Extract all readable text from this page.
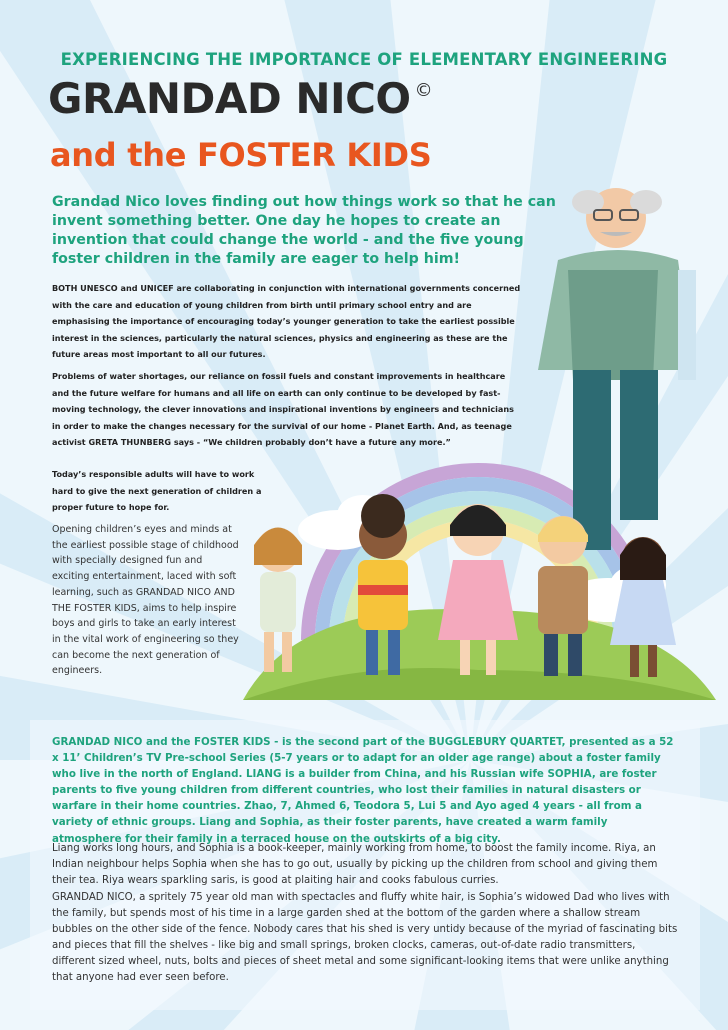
EXPERIENCING THE IMPORTANCE OF ELEMENTARY ENGINEERING
GRANDAD NICO ©
and the FOSTER KIDS
Grandad Nico loves finding out how things work so that he can invent something better. One day he hopes to create an invention that could change the world - and the five young foster children in the family are eager to help him!
BOTH UNESCO and UNICEF are collaborating in conjunction with international governments concerned with the care and education of young children from birth until primary school entry and are emphasising the importance of encouraging today’s younger generation to take the earliest possible interest in the sciences, particularly the natural sciences, physics and engineering as these are the future areas most important to all our futures.
Problems of water shortages, our reliance on fossil fuels and constant improvements in healthcare and the future welfare for humans and all life on earth can only continue to be developed by fast-moving technology, the clever innovations and inspirational inventions by engineers and technicians in order to make the changes necessary for the survival of our home - Planet Earth. And, as teenage activist GRETA THUNBERG says - “We children probably don’t have a future any more.”
Today’s responsible adults will have to work hard to give the next generation of children a proper future to hope for.
Opening children’s eyes and minds at the earliest possible stage of childhood with specially designed fun and exciting entertainment, laced with soft learning, such as GRANDAD NICO AND THE FOSTER KIDS, aims to help inspire boys and girls to take an early interest in the vital work of engineering so they can become the next generation of engineers.
GRANDAD NICO and the FOSTER KIDS - is the second part of the BUGGLEBURY QUARTET, presented as a 52 x 11’ Children’s TV Pre-school Series (5-7 years or to adapt for an older age range) about a foster family who live in the north of England. LIANG is a builder from China, and his Russian wife SOPHIA, are foster parents to five young children from different countries, who lost their families in natural disasters or warfare in their home countries. Zhao, 7, Ahmed 6, Teodora 5, Lui 5 and Ayo aged 4 years - all from a variety of ethnic groups. Liang and Sophia, as their foster parents, have created a warm family atmosphere for their family in a terraced house on the outskirts of a big city.
Liang works long hours, and Sophia is a book-keeper, mainly working from home, to boost the family income. Riya, an Indian neighbour helps Sophia when she has to go out, usually by picking up the children from school and giving them their tea. Riya wears sparkling saris, is good at plaiting hair and cooks fabulous curries.
GRANDAD NICO, a spritely 75 year old man with spectacles and fluffy white hair, is Sophia’s widowed Dad who lives with the family, but spends most of his time in a large garden shed at the bottom of the garden where a shallow stream bubbles on the other side of the fence. Nobody cares that his shed is very untidy because of the myriad of fascinating bits and pieces that fill the shelves - like big and small springs, broken clocks, cameras, out-of-date radio transmitters, different sized wheel, nuts, bolts and pieces of sheet metal and some significant-looking items that were unlike anything that anyone had ever seen before.
